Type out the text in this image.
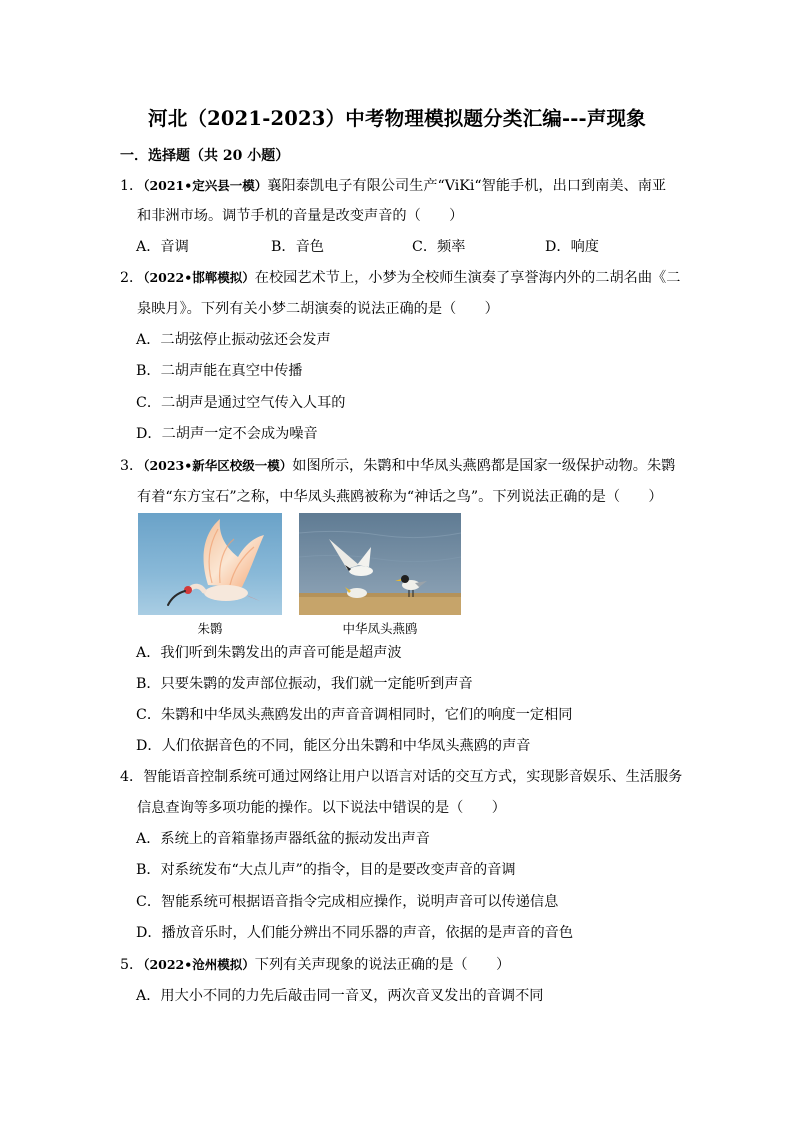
河北（2021-2023）中考物理模拟题分类汇编---声现象
一．选择题（共 20 小题）
1．（2021•定兴县一模）襄阳泰凯电子有限公司生产“ViKi“智能手机，出口到南美、南亚
和非洲市场。调节手机的音量是改变声音的（　　）
A．音调	B．音色	C．频率	D．响度
2．（2022•邯郸模拟）在校园艺术节上，小梦为全校师生演奏了享誉海内外的二胡名曲《二
泉映月》。下列有关小梦二胡演奏的说法正确的是（　　）
A．二胡弦停止振动弦还会发声
B．二胡声能在真空中传播
C．二胡声是通过空气传入人耳的
D．二胡声一定不会成为噪音
3．（2023•新华区校级一模）如图所示，朱鹮和中华凤头燕鸥都是国家一级保护动物。朱鹮
有着“东方宝石”之称，中华凤头燕鸥被称为“神话之鸟”。下列说法正确的是（　　）
朱鹮	中华凤头燕鸥
A．我们听到朱鹮发出的声音可能是超声波
B．只要朱鹮的发声部位振动，我们就一定能听到声音
C．朱鹮和中华凤头燕鸥发出的声音音调相同时，它们的响度一定相同
D．人们依据音色的不同，能区分出朱鹮和中华凤头燕鸥的声音
4．智能语音控制系统可通过网络让用户以语言对话的交互方式，实现影音娱乐、生活服务
信息查询等多项功能的操作。以下说法中错误的是（　　）
A．系统上的音箱靠扬声器纸盆的振动发出声音
B．对系统发布“大点儿声”的指令，目的是要改变声音的音调
C．智能系统可根据语音指令完成相应操作，说明声音可以传递信息
D．播放音乐时，人们能分辨出不同乐器的声音，依据的是声音的音色
5．（2022•沧州模拟）下列有关声现象的说法正确的是（　　）
A．用大小不同的力先后敲击同一音叉，两次音叉发出的音调不同
